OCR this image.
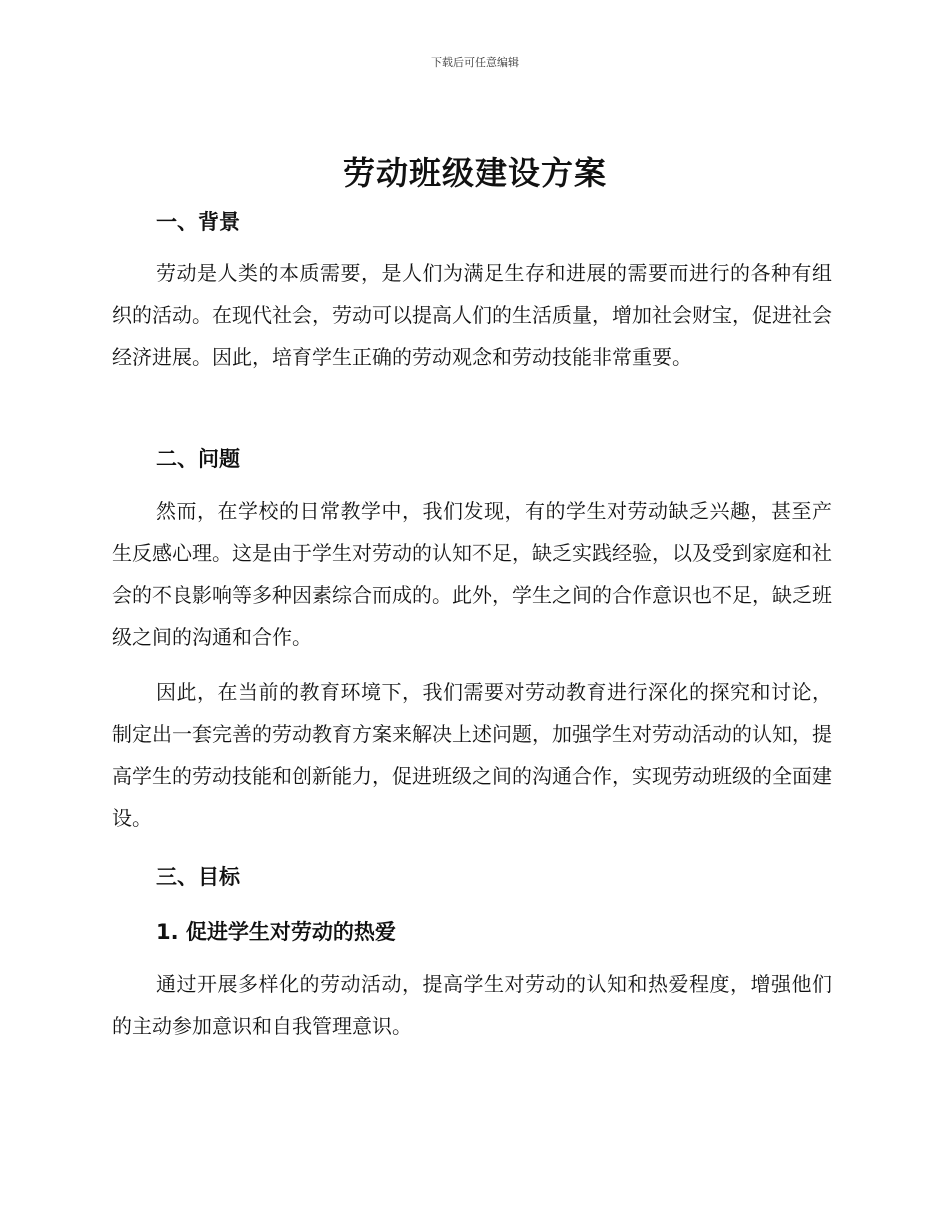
下载后可任意编辑
劳动班级建设方案
一、背景
劳动是人类的本质需要，是人们为满足生存和进展的需要而进行的各种有组织的活动。在现代社会，劳动可以提高人们的生活质量，增加社会财宝，促进社会经济进展。因此，培育学生正确的劳动观念和劳动技能非常重要。
二、问题
然而，在学校的日常教学中，我们发现，有的学生对劳动缺乏兴趣，甚至产生反感心理。这是由于学生对劳动的认知不足，缺乏实践经验，以及受到家庭和社会的不良影响等多种因素综合而成的。此外，学生之间的合作意识也不足，缺乏班级之间的沟通和合作。
因此，在当前的教育环境下，我们需要对劳动教育进行深化的探究和讨论，制定出一套完善的劳动教育方案来解决上述问题，加强学生对劳动活动的认知，提高学生的劳动技能和创新能力，促进班级之间的沟通合作，实现劳动班级的全面建设。
三、目标
1. 促进学生对劳动的热爱
通过开展多样化的劳动活动，提高学生对劳动的认知和热爱程度，增强他们的主动参加意识和自我管理意识。
